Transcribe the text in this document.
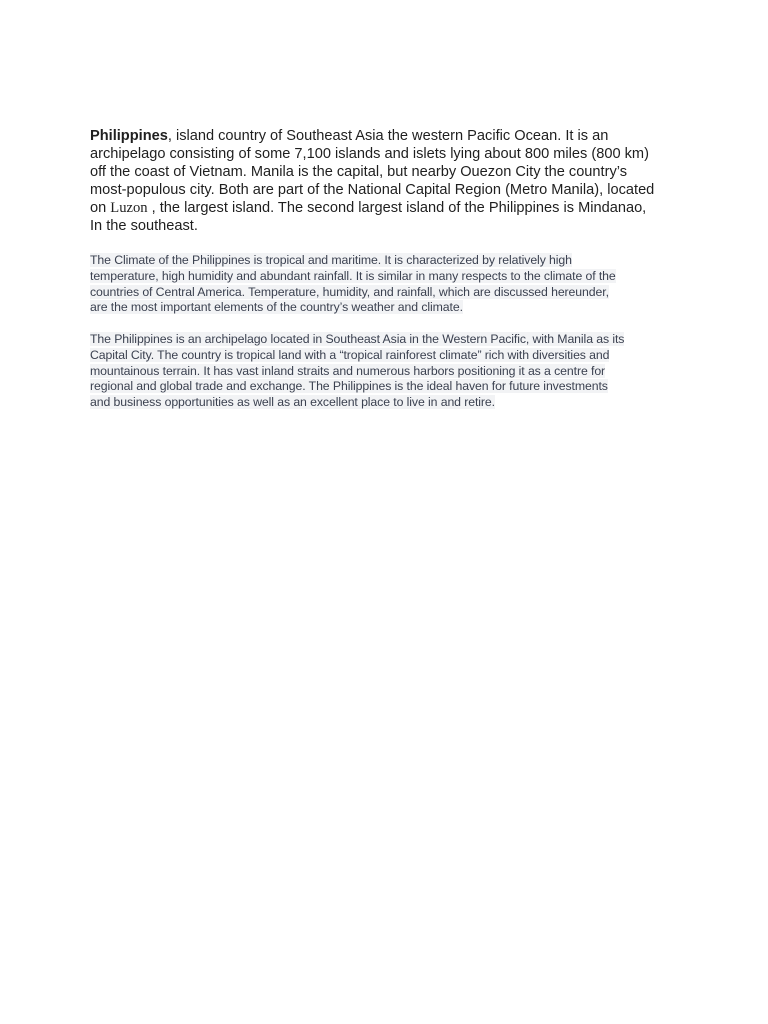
Philippines, island country of Southeast Asia the western Pacific Ocean. It is an
archipelago consisting of some 7,100 islands and islets lying about 800 miles (800 km)
off the coast of Vietnam. Manila is the capital, but nearby Ouezon City the country’s
most-populous city. Both are part of the National Capital Region (Metro Manila), located
on Luzon , the largest island. The second largest island of the Philippines is Mindanao,
In the southeast.

The Climate of the Philippines is tropical and maritime. It is characterized by relatively high
temperature, high humidity and abundant rainfall. It is similar in many respects to the climate of the
countries of Central America. Temperature, humidity, and rainfall, which are discussed hereunder,
are the most important elements of the country’s weather and climate.

The Philippines is an archipelago located in Southeast Asia in the Western Pacific, with Manila as its
Capital City. The country is tropical land with a “tropical rainforest climate” rich with diversities and
mountainous terrain. It has vast inland straits and numerous harbors positioning it as a centre for
regional and global trade and exchange. The Philippines is the ideal haven for future investments
and business opportunities as well as an excellent place to live in and retire.
